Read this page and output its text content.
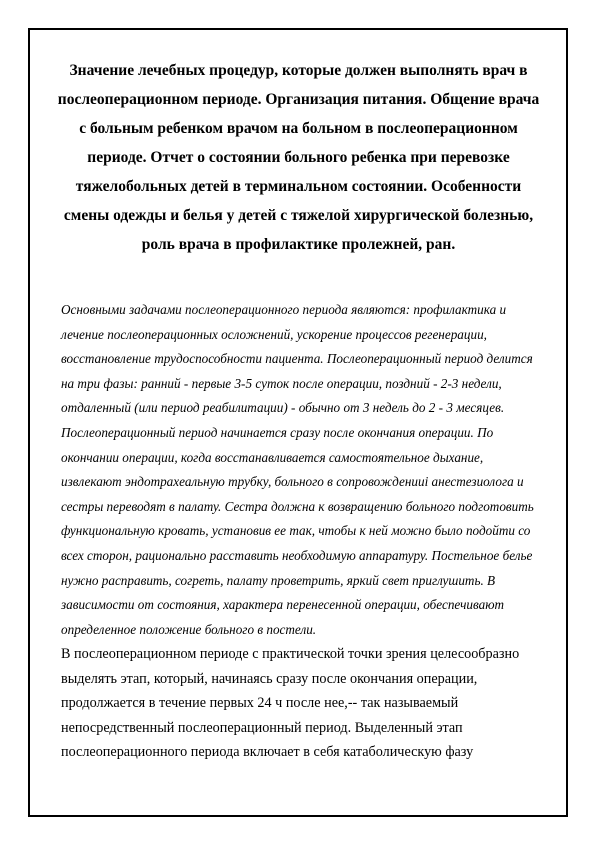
Значение лечебных процедур, которые должен выполнять врач в послеоперационном периоде. Организация питания. Общение врача с больным ребенком врачом на больном в послеоперационном периоде. Отчет о состоянии больного ребенка при перевозке тяжелобольных детей в терминальном состоянии. Особенности смены одежды и белья у детей с тяжелой хирургической болезнью, роль врача в профилактике пролежней, ран.

Основными задачами послеоперационного периода являются: профилактика и лечение послеоперационных осложнений, ускорение процессов регенерации, восстановление трудоспособности пациента. Послеоперационный период делится на три фазы: ранний - первые 3-5 суток после операции, поздний - 2-3 недели, отдаленный (или период реабилитации) - обычно от 3 недель до 2 - 3 месяцев. Послеоперационный период начинается сразу после окончания операции. По окончании операции, когда восстанавливается самостоятельное дыхание, извлекают эндотрахеальную трубку, больного в сопровожденииi анестезиолога и сестры переводят в палату. Сестра должна к возвращению больного подготовить функциональную кровать, установив ее так, чтобы к ней можно было подойти со всех сторон, рационально расставить необходимую аппаратуру. Постельное белье нужно расправить, согреть, палату проветрить, яркий свет приглушить. В зависимости от состояния, характера перенесенной операции, обеспечивают определенное положение больного в постели.

В послеоперационном периоде с практической точки зрения целесообразно выделять этап, который, начинаясь сразу после окончания операции, продолжается в течение первых 24 ч после нее,-- так называемый непосредственный послеоперационный период. Выделенный этап послеоперационного периода включает в себя катаболическую фазу
